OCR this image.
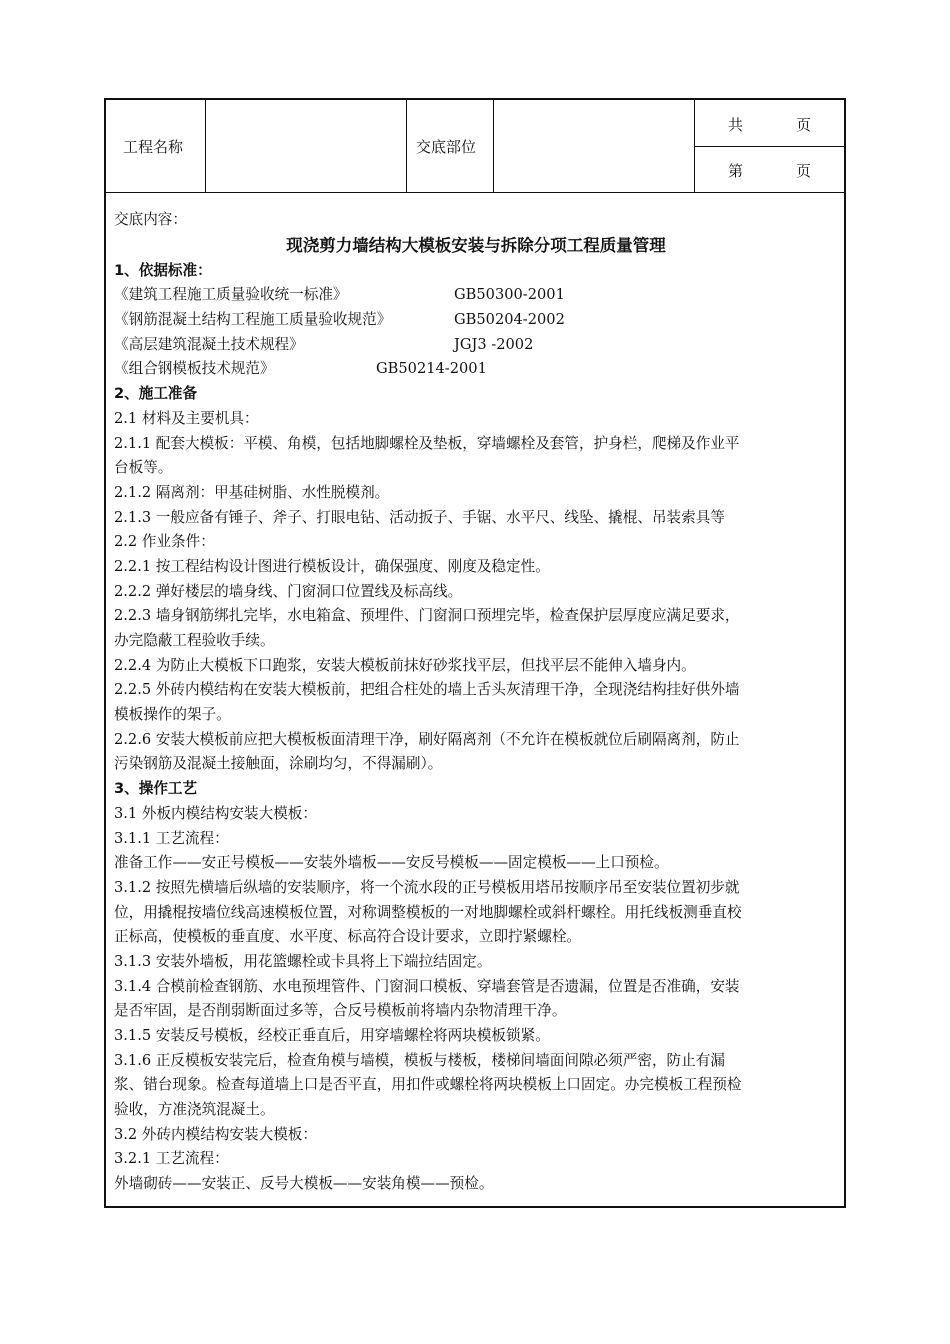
工程名称	交底部位
共	页
第	页
交底内容：
现浇剪力墙结构大模板安装与拆除分项工程质量管理
1、依据标准：
《建筑工程施工质量验收统一标准》	GB50300-2001
《钢筋混凝土结构工程施工质量验收规范》	GB50204-2002
《高层建筑混凝土技术规程》	JGJ3 -2002
《组合钢模板技术规范》	GB50214-2001
2、施工准备
2.1 材料及主要机具：
2.1.1 配套大模板：平模、角模，包括地脚螺栓及垫板，穿墙螺栓及套管，护身栏，爬梯及作业平
台板等。
2.1.2 隔离剂：甲基硅树脂、水性脱模剂。
2.1.3 一般应备有锤子、斧子、打眼电钻、活动扳子、手锯、水平尺、线坠、撬棍、吊装索具等
2.2 作业条件：
2.2.1 按工程结构设计图进行模板设计，确保强度、刚度及稳定性。
2.2.2 弹好楼层的墙身线、门窗洞口位置线及标高线。
2.2.3 墙身钢筋绑扎完毕，水电箱盒、预埋件、门窗洞口预埋完毕，检查保护层厚度应满足要求，
办完隐蔽工程验收手续。
2.2.4 为防止大模板下口跑浆，安装大模板前抹好砂浆找平层，但找平层不能伸入墙身内。
2.2.5 外砖内模结构在安装大模板前，把组合柱处的墙上舌头灰清理干净，全现浇结构挂好供外墙
模板操作的架子。
2.2.6 安装大模板前应把大模板板面清理干净，刷好隔离剂（不允许在模板就位后刷隔离剂，防止
污染钢筋及混凝土接触面，涂刷均匀，不得漏刷）。
3、操作工艺
3.1 外板内模结构安装大模板：
3.1.1 工艺流程：
准备工作——安正号模板——安装外墙板——安反号模板——固定模板——上口预检。
3.1.2 按照先横墙后纵墙的安装顺序，将一个流水段的正号模板用塔吊按顺序吊至安装位置初步就
位，用撬棍按墙位线高速模板位置，对称调整模板的一对地脚螺栓或斜杆螺栓。用托线板测垂直校
正标高，使模板的垂直度、水平度、标高符合设计要求，立即拧紧螺栓。
3.1.3 安装外墙板，用花篮螺栓或卡具将上下端拉结固定。
3.1.4 合模前检查钢筋、水电预埋管件、门窗洞口模板、穿墙套管是否遗漏，位置是否准确，安装
是否牢固，是否削弱断面过多等，合反号模板前将墙内杂物清理干净。
3.1.5 安装反号模板，经校正垂直后，用穿墙螺栓将两块模板锁紧。
3.1.6 正反模板安装完后，检查角模与墙模，模板与楼板，楼梯间墙面间隙必须严密，防止有漏
浆、错台现象。检查每道墙上口是否平直，用扣件或螺栓将两块模板上口固定。办完模板工程预检
验收，方准浇筑混凝土。
3.2 外砖内模结构安装大模板：
3.2.1 工艺流程：
外墙砌砖——安装正、反号大模板——安装角模——预检。
